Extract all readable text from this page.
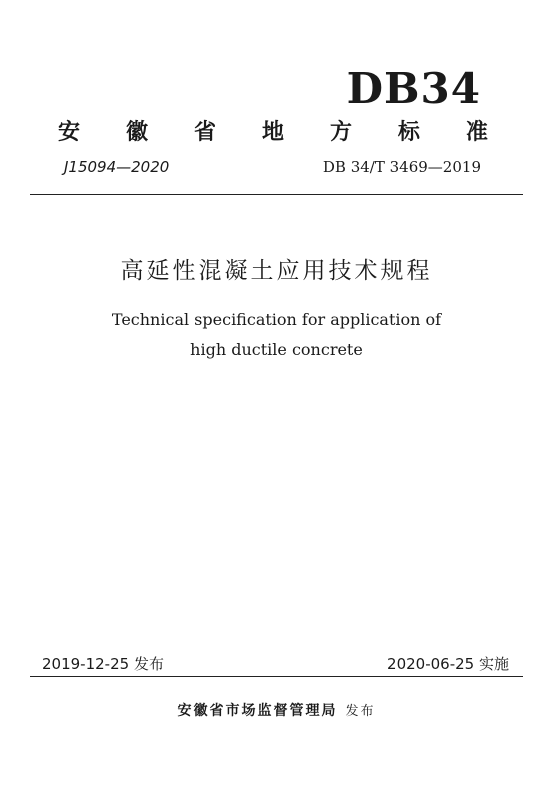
DB34
安 徽 省 地 方 标 准
J15094—2020	DB 34/T 3469—2019
高延性混凝土应用技术规程
Technical specification for application of
high ductile concrete
2019-12-25 发布	2020-06-25 实施
安徽省市场监督管理局 发布
